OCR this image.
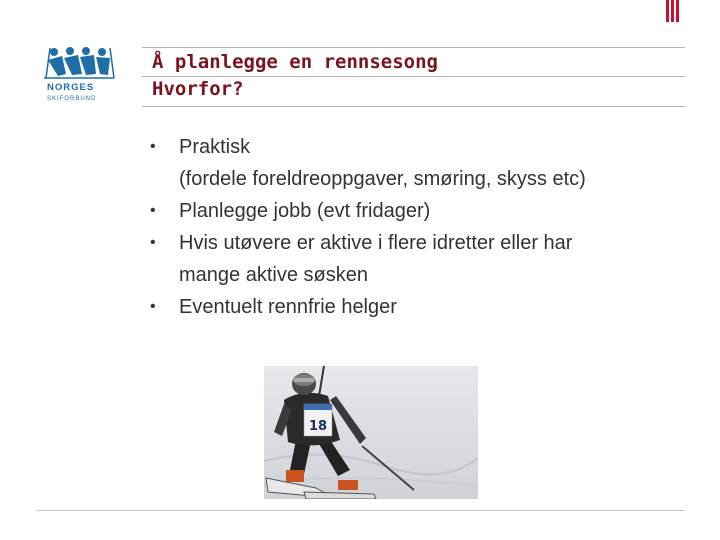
NORGES
SKIFORBUND
Å planlegge en rennsesong
Hvorfor?
• Praktisk
(fordele foreldreoppgaver, smøring, skyss etc)
• Planlegge jobb (evt fridager)
• Hvis utøvere er aktive i flere idretter eller har
mange aktive søsken
• Eventuelt rennfrie helger
18
